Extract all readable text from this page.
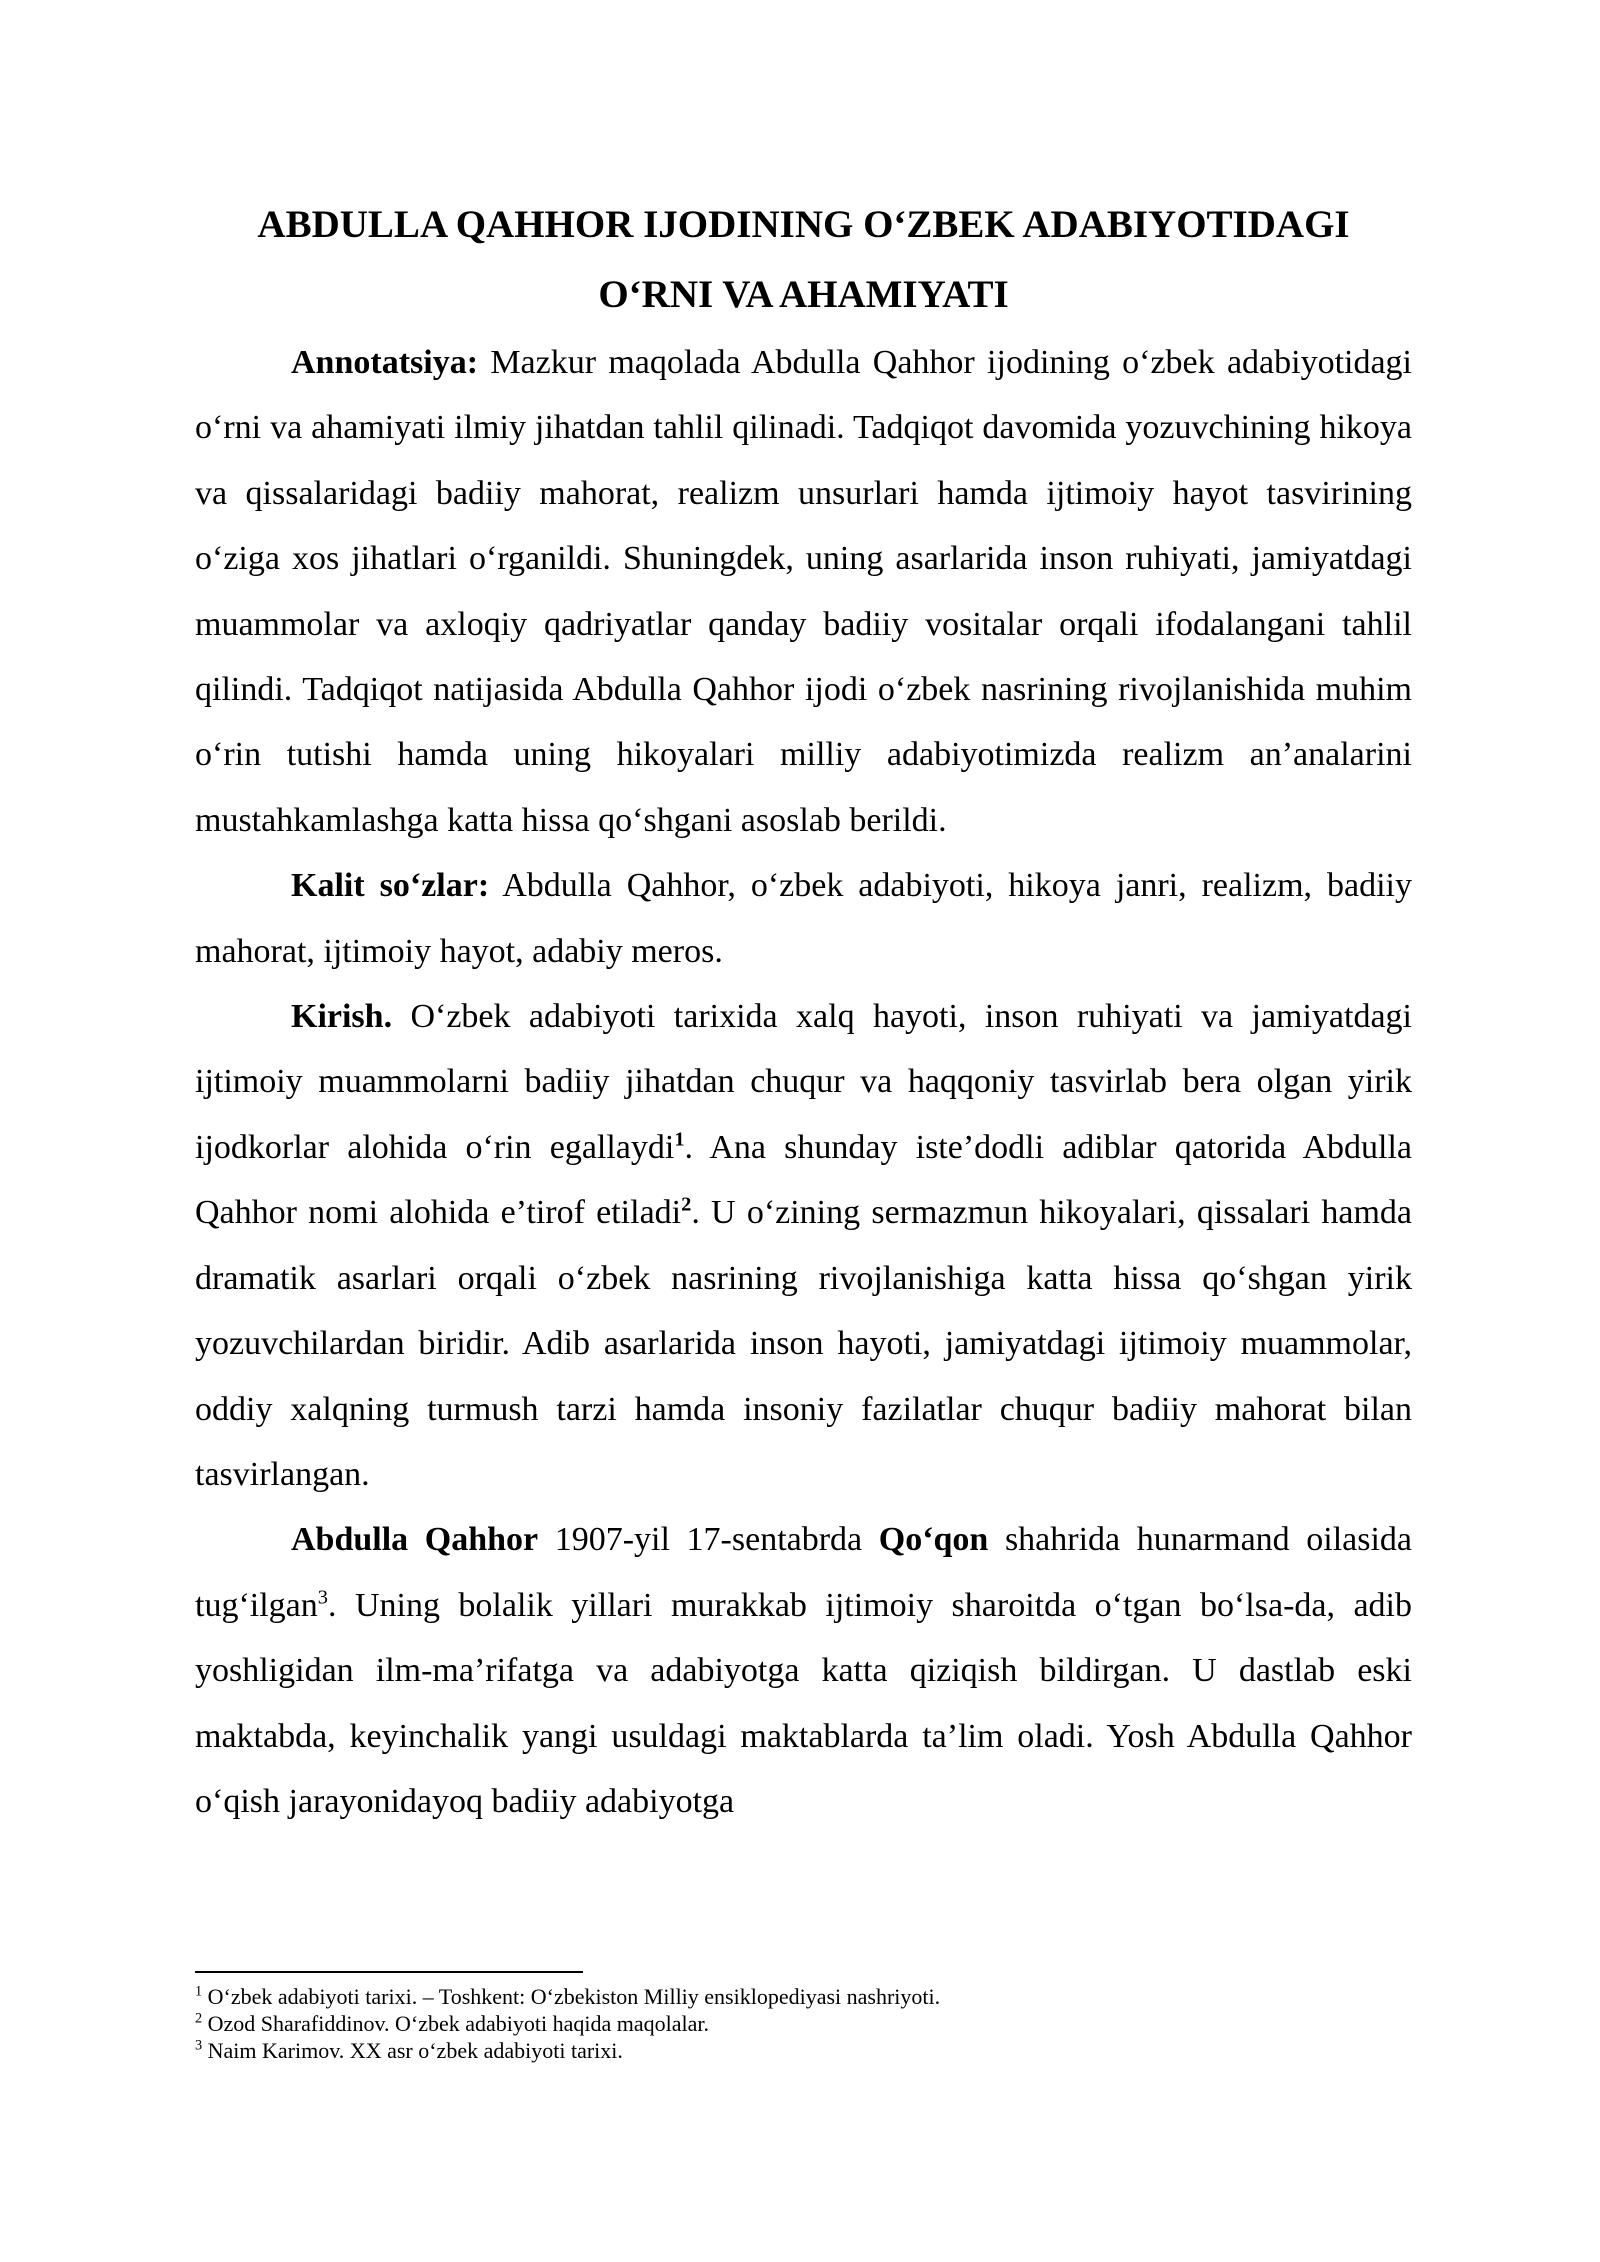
ABDULLA QAHHOR IJODINING O‘ZBEK ADABIYOTIDAGI
O‘RNI VA AHAMIYATI

Annotatsiya: Mazkur maqolada Abdulla Qahhor ijodining o‘zbek adabiyotidagi o‘rni va ahamiyati ilmiy jihatdan tahlil qilinadi. Tadqiqot davomida yozuvchining hikoya va qissalaridagi badiiy mahorat, realizm unsurlari hamda ijtimoiy hayot tasvirining o‘ziga xos jihatlari o‘rganildi. Shuningdek, uning asarlarida inson ruhiyati, jamiyatdagi muammolar va axloqiy qadriyatlar qanday badiiy vositalar orqali ifodalangani tahlil qilindi. Tadqiqot natijasida Abdulla Qahhor ijodi o‘zbek nasrining rivojlanishida muhim o‘rin tutishi hamda uning hikoyalari milliy adabiyotimizda realizm an’analarini mustahkamlashga katta hissa qo‘shgani asoslab berildi.

Kalit so‘zlar: Abdulla Qahhor, o‘zbek adabiyoti, hikoya janri, realizm, badiiy mahorat, ijtimoiy hayot, adabiy meros.

Kirish. O‘zbek adabiyoti tarixida xalq hayoti, inson ruhiyati va jamiyatdagi ijtimoiy muammolarni badiiy jihatdan chuqur va haqqoniy tasvirlab bera olgan yirik ijodkorlar alohida o‘rin egallaydi$^1$. Ana shunday iste’dodli adiblar qatorida Abdulla Qahhor nomi alohida e’tirof etiladi$^2$. U o‘zining sermazmun hikoyalari, qissalari hamda dramatik asarlari orqali o‘zbek nasrining rivojlanishiga katta hissa qo‘shgan yirik yozuvchilardan biridir. Adib asarlarida inson hayoti, jamiyatdagi ijtimoiy muammolar, oddiy xalqning turmush tarzi hamda insoniy fazilatlar chuqur badiiy mahorat bilan tasvirlangan.

Abdulla Qahhor 1907-yil 17-sentabrda Qo‘qon shahrida hunarmand oilasida tug‘ilgan$^3$. Uning bolalik yillari murakkab ijtimoiy sharoitda o‘tgan bo‘lsa-da, adib yoshligidan ilm-ma’rifatga va adabiyotga katta qiziqish bildirgan. U dastlab eski maktabda, keyinchalik yangi usuldagi maktablarda ta’lim oladi. Yosh Abdulla Qahhor o‘qish jarayonidayoq badiiy adabiyotga

$^1$ O‘zbek adabiyoti tarixi. – Toshkent: O‘zbekiston Milliy ensiklopediyasi nashriyoti.

$^2$ Ozod Sharafiddinov. O‘zbek adabiyoti haqida maqolalar.

$^3$ Naim Karimov. XX asr o‘zbek adabiyoti tarixi.
